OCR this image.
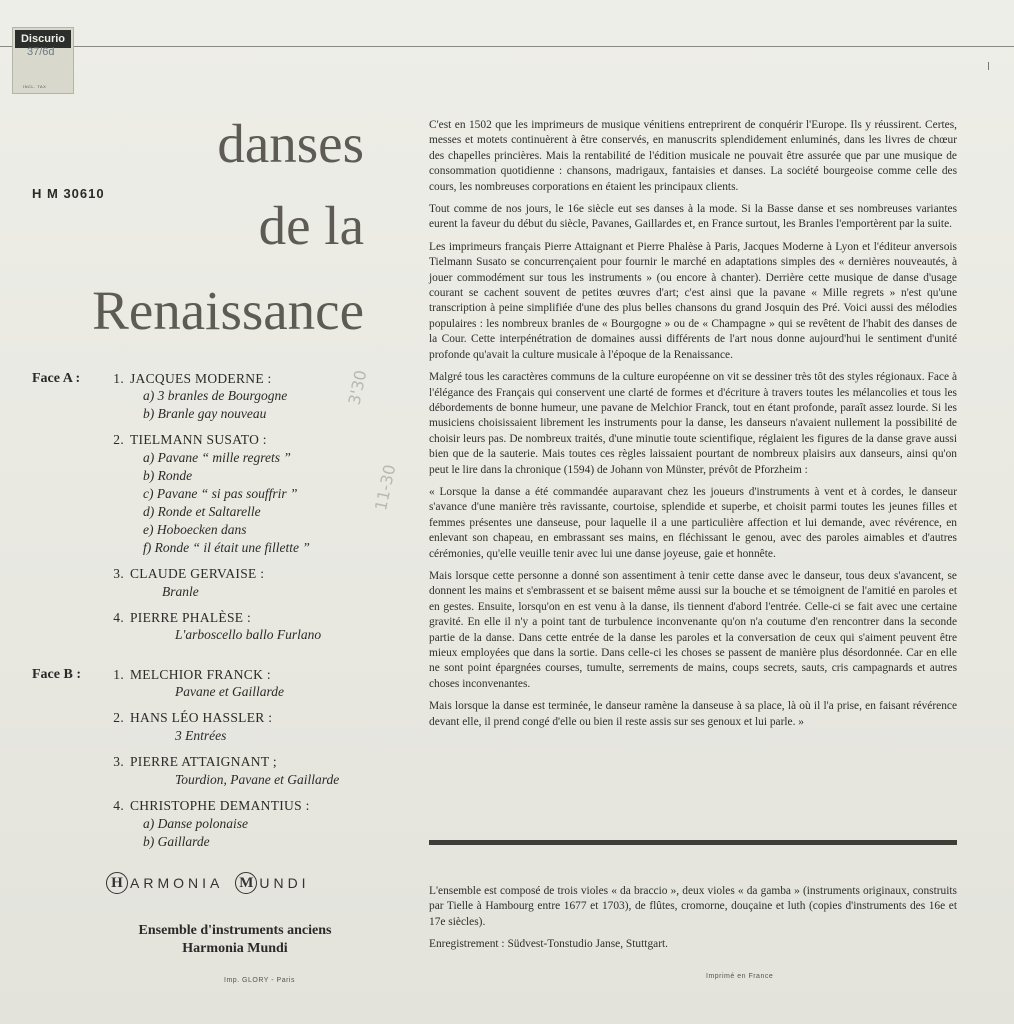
Discurio
37/6d
INCL. TAX
danses
de la
Renaissance
H M 30610
Face A :	1. JACQUES MODERNE :
a) 3 branles de Bourgogne
b) Branle gay nouveau
2. TIELMANN SUSATO :
a) Pavane “ mille regrets ”
b) Ronde
c) Pavane “ si pas souffrir ”
d) Ronde et Saltarelle
e) Hoboecken dans
f) Ronde “ il était une fillette ”
3. CLAUDE GERVAISE :
Branle
4. PIERRE PHALÈSE :
L'arboscello ballo Furlano
Face B :	1. MELCHIOR FRANCK :
Pavane et Gaillarde
2. HANS LÉO HASSLER :
3 Entrées
3. PIERRE ATTAIGNANT ;
Tourdion, Pavane et Gaillarde
4. CHRISTOPHE DEMANTIUS :
a) Danse polonaise
b) Gaillarde
3'30
11-30
H ARMONIA M UNDI
Ensemble d'instruments anciens
Harmonia Mundi
Imp. GLORY - Paris
Imprimé en France

C'est en 1502 que les imprimeurs de musique vénitiens entreprirent de conquérir l'Europe. Ils y réussirent. Certes, messes et motets continuèrent à être conservés, en manuscrits splendidement enluminés, dans les livres de chœur des chapelles princières. Mais la rentabilité de l'édition musicale ne pouvait être assurée que par une musique de consommation quotidienne : chansons, madrigaux, fantaisies et danses. La société bourgeoise comme celle des cours, les nombreuses corporations en étaient les principaux clients.

Tout comme de nos jours, le 16e siècle eut ses danses à la mode. Si la Basse danse et ses nombreuses variantes eurent la faveur du début du siècle, Pavanes, Gaillardes et, en France surtout, les Branles l'emportèrent par la suite.

Les imprimeurs français Pierre Attaignant et Pierre Phalèse à Paris, Jacques Moderne à Lyon et l'éditeur anversois Tielmann Susato se concurrençaient pour fournir le marché en adaptations simples des « dernières nouveautés, à jouer commodément sur tous les instruments » (ou encore à chanter). Derrière cette musique de danse d'usage courant se cachent souvent de petites œuvres d'art; c'est ainsi que la pavane « Mille regrets » n'est qu'une transcription à peine simplifiée d'une des plus belles chansons du grand Josquin des Pré. Voici aussi des mélodies populaires : les nombreux branles de « Bourgogne » ou de « Champagne » qui se revêtent de l'habit des danses de la Cour. Cette interpénétration de domaines aussi différents de l'art nous donne aujourd'hui le sentiment d'unité profonde qu'avait la culture musicale à l'époque de la Renaissance.

Malgré tous les caractères communs de la culture européenne on vit se dessiner très tôt des styles régionaux. Face à l'élégance des Français qui conservent une clarté de formes et d'écriture à travers toutes les mélancolies et tous les débordements de bonne humeur, une pavane de Melchior Franck, tout en étant profonde, paraît assez lourde. Si les musiciens choisissaient librement les instruments pour la danse, les danseurs n'avaient nullement la possibilité de choisir leurs pas. De nombreux traités, d'une minutie toute scientifique, réglaient les figures de la danse grave aussi bien que de la sauterie. Mais toutes ces règles laissaient pourtant de nombreux plaisirs aux danseurs, ainsi qu'on peut le lire dans la chronique (1594) de Johann von Münster, prévôt de Pforzheim :

« Lorsque la danse a été commandée auparavant chez les joueurs d'instruments à vent et à cordes, le danseur s'avance d'une manière très ravissante, courtoise, splendide et superbe, et choisit parmi toutes les jeunes filles et femmes présentes une danseuse, pour laquelle il a une particulière affection et lui demande, avec révérence, en enlevant son chapeau, en embrassant ses mains, en fléchissant le genou, avec des paroles aimables et d'autres cérémonies, qu'elle veuille tenir avec lui une danse joyeuse, gaie et honnête.

Mais lorsque cette personne a donné son assentiment à tenir cette danse avec le danseur, tous deux s'avancent, se donnent les mains et s'embrassent et se baisent même aussi sur la bouche et se témoignent de l'amitié en paroles et en gestes. Ensuite, lorsqu'on en est venu à la danse, ils tiennent d'abord l'entrée. Celle-ci se fait avec une certaine gravité. En elle il n'y a point tant de turbulence inconvenante qu'on n'a coutume d'en rencontrer dans la seconde partie de la danse. Dans cette entrée de la danse les paroles et la conversation de ceux qui s'aiment peuvent être mieux employées que dans la sortie. Dans celle-ci les choses se passent de manière plus désordonnée. Car en elle ne sont point épargnées courses, tumulte, serrements de mains, coups secrets, sauts, cris campagnards et autres choses inconvenantes.

Mais lorsque la danse est terminée, le danseur ramène la danseuse à sa place, là où il l'a prise, en faisant révérence devant elle, il prend congé d'elle ou bien il reste assis sur ses genoux et lui parle. »

L'ensemble est composé de trois violes « da braccio », deux violes « da gamba » (instruments originaux, construits par Tielle à Hambourg entre 1677 et 1703), de flûtes, cromorne, douçaine et luth (copies d'instruments des 16e et 17e siècles).

Enregistrement : Südvest-Tonstudio Janse, Stuttgart.
